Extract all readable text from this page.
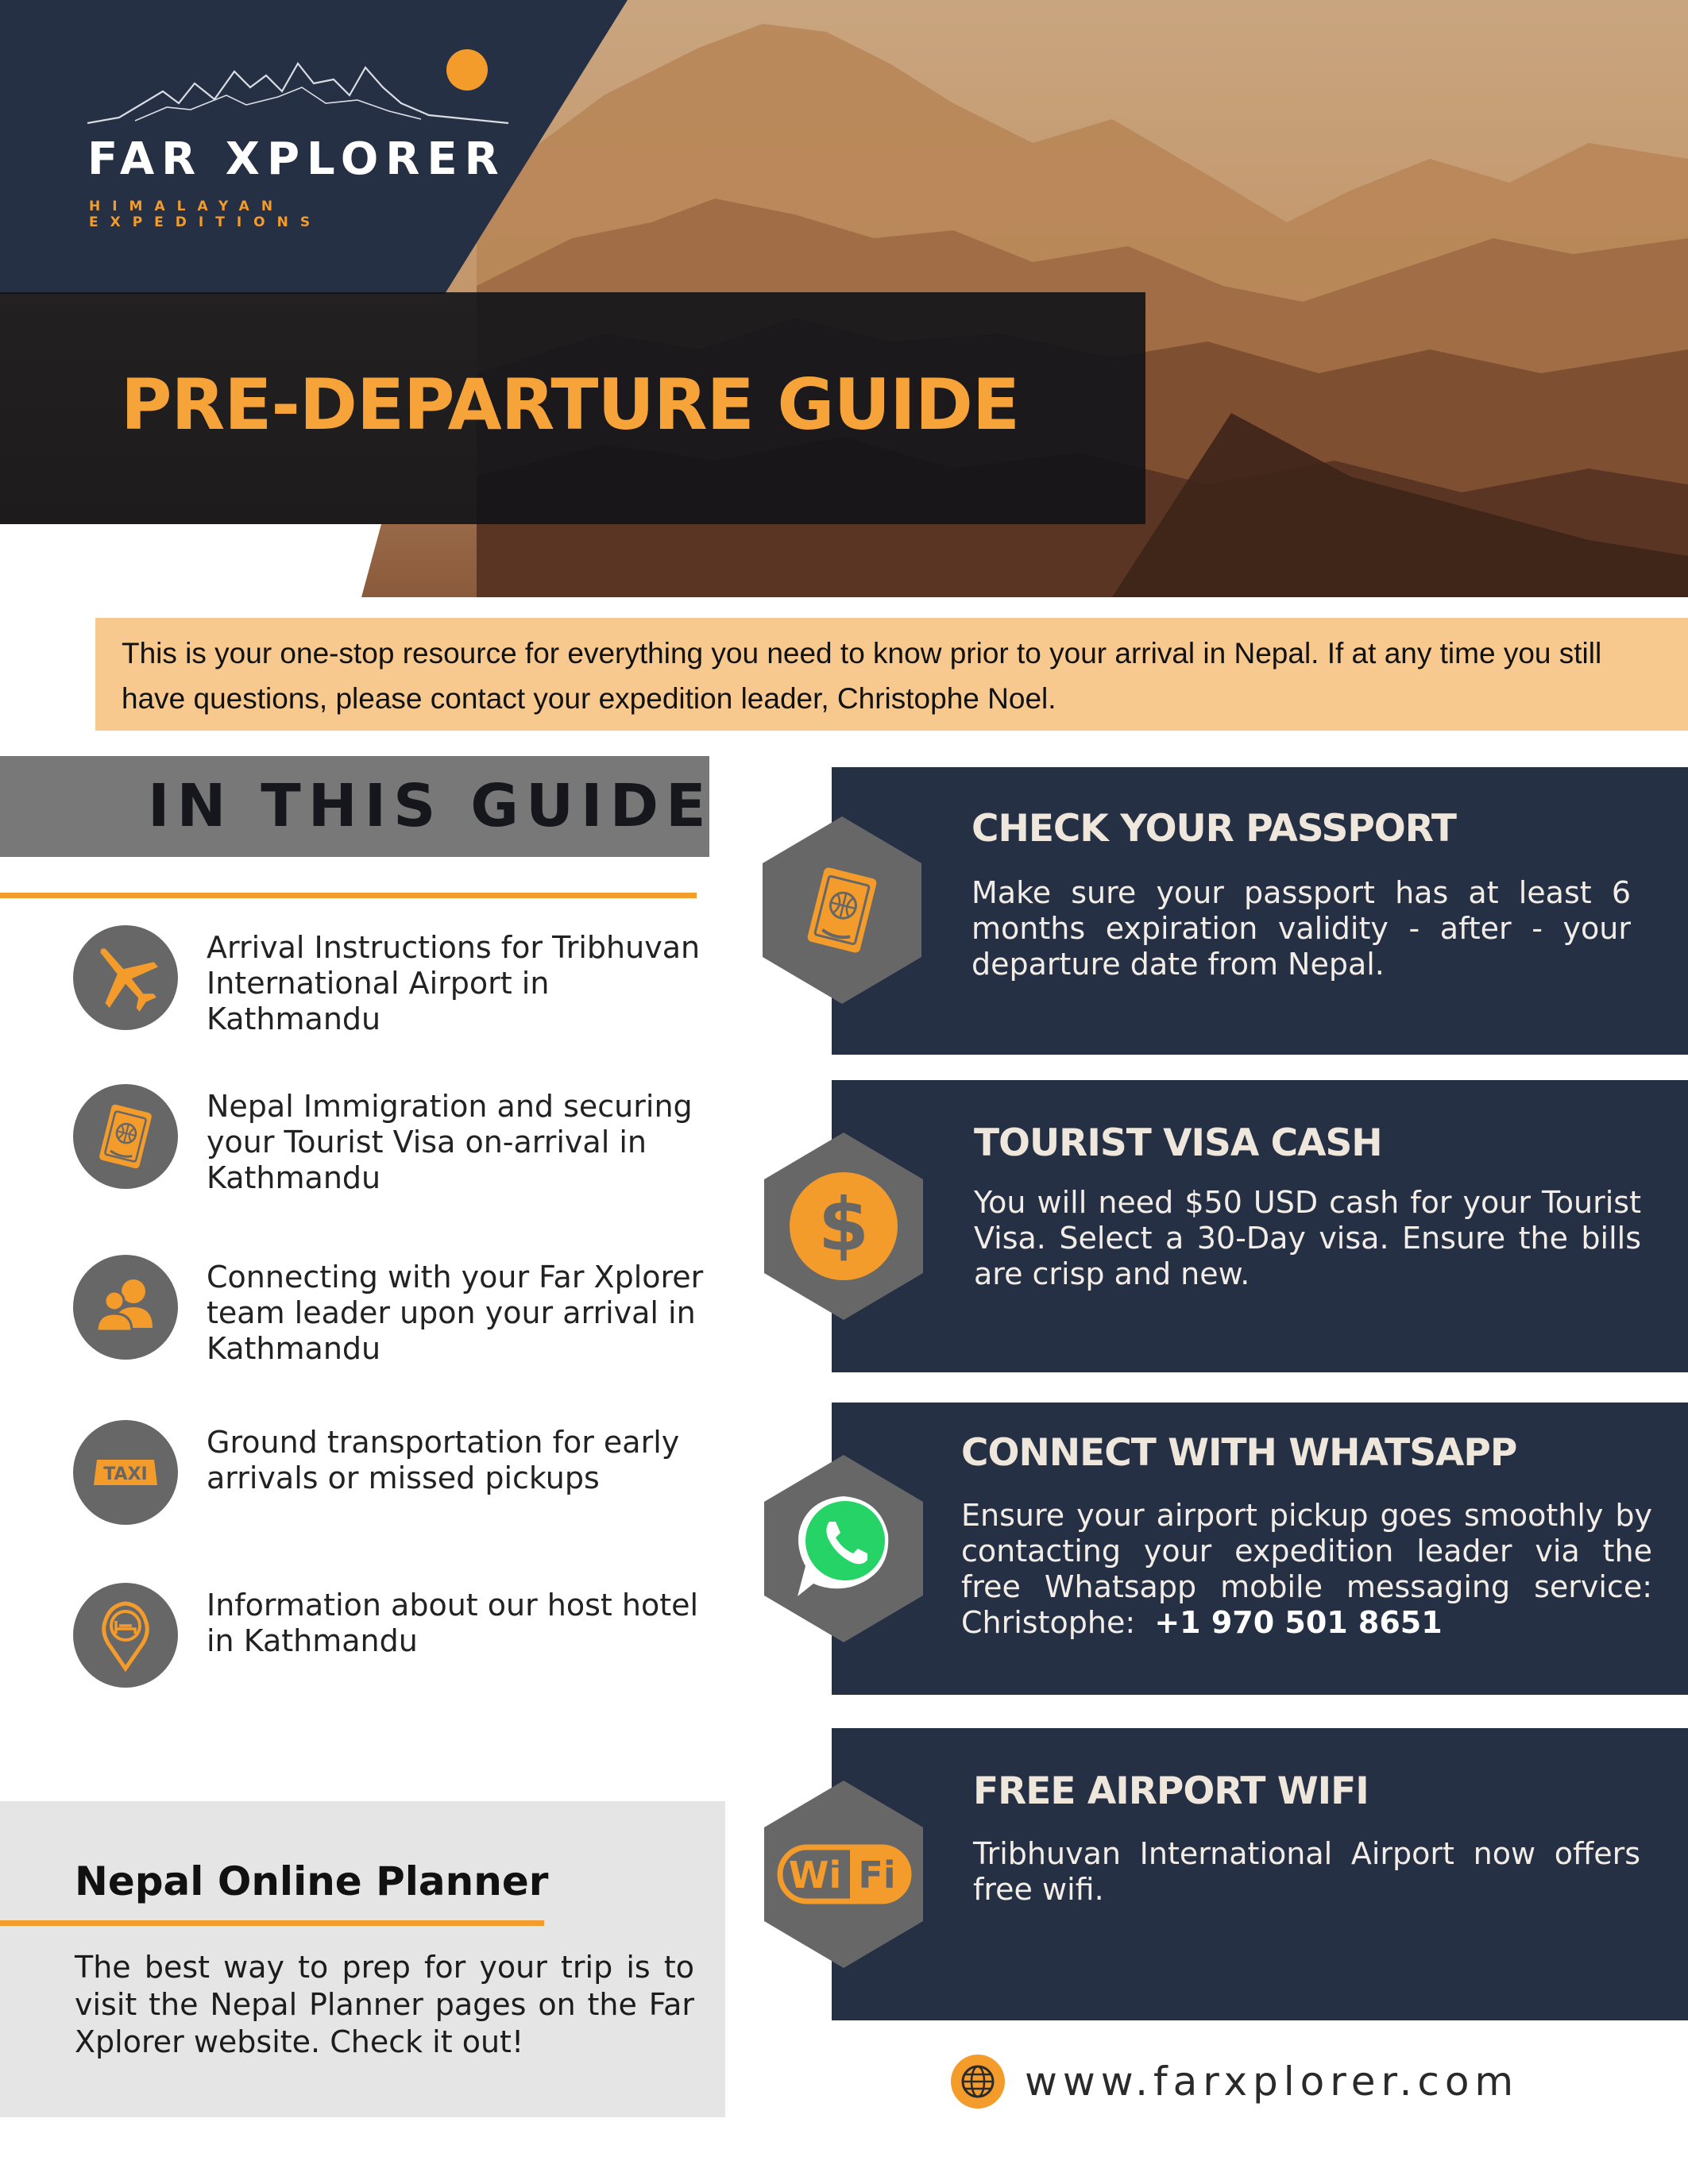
FAR XPLORER
HIMALAYAN EXPEDITIONS
PRE-DEPARTURE GUIDE
This is your one-stop resource for everything you need to know prior to your arrival in Nepal. If at any time you still have questions, please contact your expedition leader, Christophe Noel.
IN THIS GUIDE
Arrival Instructions for Tribhuvan International Airport in Kathmandu
Nepal Immigration and securing your Tourist Visa on-arrival in Kathmandu
Connecting with your Far Xplorer team leader upon your arrival in Kathmandu
TAXI
Ground transportation for early arrivals or missed pickups
Information about our host hotel in Kathmandu
Nepal Online Planner
The best way to prep for your trip is to visit the Nepal Planner pages on the Far Xplorer website. Check it out!
CHECK YOUR PASSPORT
Make sure your passport has at least 6 months expiration validity - after - your departure date from Nepal.
TOURIST VISA CASH
You will need $50 USD cash for your Tourist Visa. Select a 30-Day visa. Ensure the bills are crisp and new.
$
CONNECT WITH WHATSAPP
Ensure your airport pickup goes smoothly by contacting your expedition leader via the free Whatsapp mobile messaging service: Christophe: +1 970 501 8651
FREE AIRPORT WIFI
Tribhuvan International Airport now offers free wifi.
Wi Fi
www.farxplorer.com
